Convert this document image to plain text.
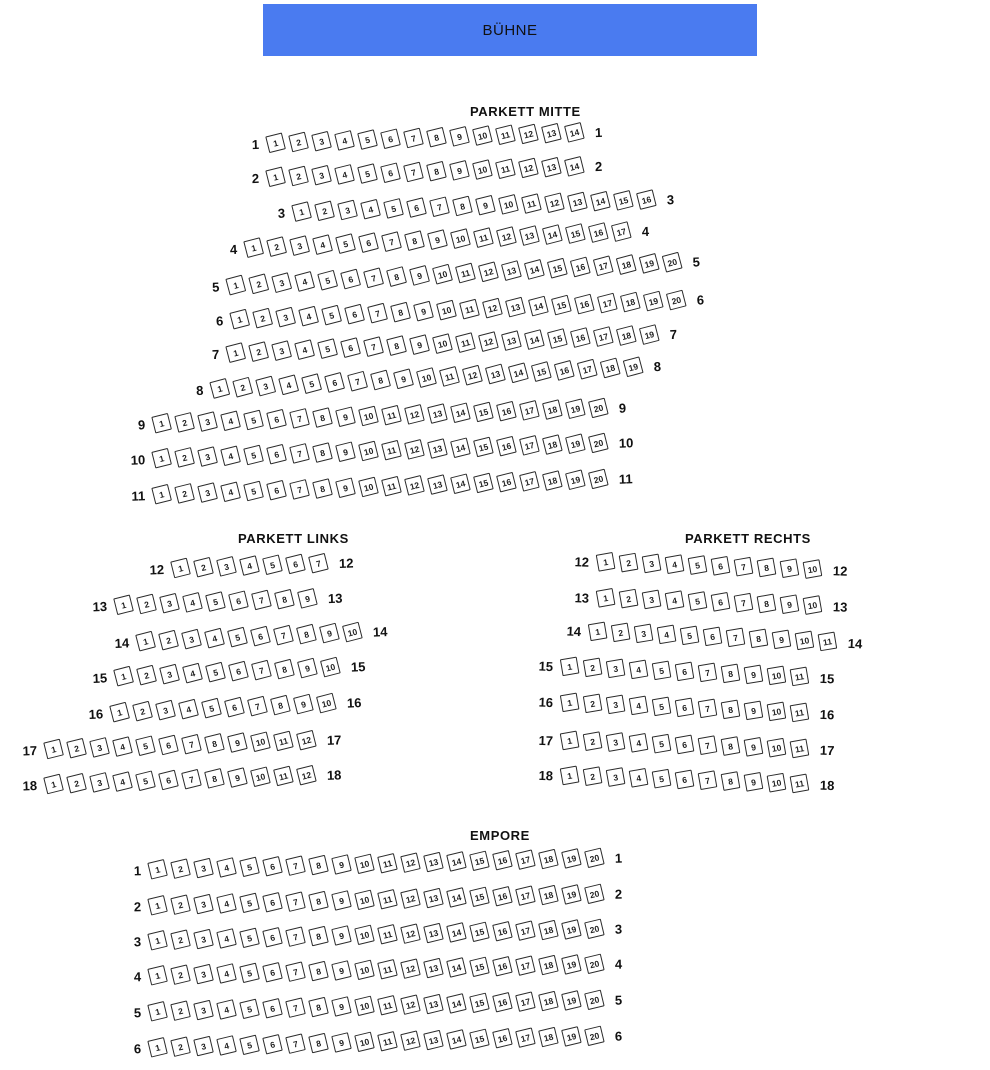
BÜHNE
PARKETT MITTE
1	1	2	3	4	5	6	7	8	9	10	11	12	13	14	1
2	1	2	3	4	5	6	7	8	9	10	11	12	13	14	2
3	1	2	3	4	5	6	7	8	9	10	11	12	13	14	15	16	3
4	1	2	3	4	5	6	7	8	9	10	11	12	13	14	15	16	17	4
5	1	2	3	4	5	6	7	8	9	10	11	12	13	14	15	16	17	18	19	20	5
6	1	2	3	4	5	6	7	8	9	10	11	12	13	14	15	16	17	18	19	20	6
7	1	2	3	4	5	6	7	8	9	10	11	12	13	14	15	16	17	18	19	7
8	1	2	3	4	5	6	7	8	9	10	11	12	13	14	15	16	17	18	19	8
9	1	2	3	4	5	6	7	8	9	10	11	12	13	14	15	16	17	18	19	20	9
10	1	2	3	4	5	6	7	8	9	10	11	12	13	14	15	16	17	18	19	20	10
11	1	2	3	4	5	6	7	8	9	10	11	12	13	14	15	16	17	18	19	20	11
PARKETT LINKS
12	1	2	3	4	5	6	7	12
13	1	2	3	4	5	6	7	8	9	13
14	1	2	3	4	5	6	7	8	9	10	14
15	1	2	3	4	5	6	7	8	9	10	15
16	1	2	3	4	5	6	7	8	9	10	16
17	1	2	3	4	5	6	7	8	9	10	11	12	17
18	1	2	3	4	5	6	7	8	9	10	11	12	18
PARKETT RECHTS
12	1	2	3	4	5	6	7	8	9	10	12
13	1	2	3	4	5	6	7	8	9	10	13
14	1	2	3	4	5	6	7	8	9	10	11	14
15	1	2	3	4	5	6	7	8	9	10	11	15
16	1	2	3	4	5	6	7	8	9	10	11	16
17	1	2	3	4	5	6	7	8	9	10	11	17
18	1	2	3	4	5	6	7	8	9	10	11	18
EMPORE
1	1	2	3	4	5	6	7	8	9	10	11	12	13	14	15	16	17	18	19	20	1
2	1	2	3	4	5	6	7	8	9	10	11	12	13	14	15	16	17	18	19	20	2
3	1	2	3	4	5	6	7	8	9	10	11	12	13	14	15	16	17	18	19	20	3
4	1	2	3	4	5	6	7	8	9	10	11	12	13	14	15	16	17	18	19	20	4
5	1	2	3	4	5	6	7	8	9	10	11	12	13	14	15	16	17	18	19	20	5
6	1	2	3	4	5	6	7	8	9	10	11	12	13	14	15	16	17	18	19	20	6
